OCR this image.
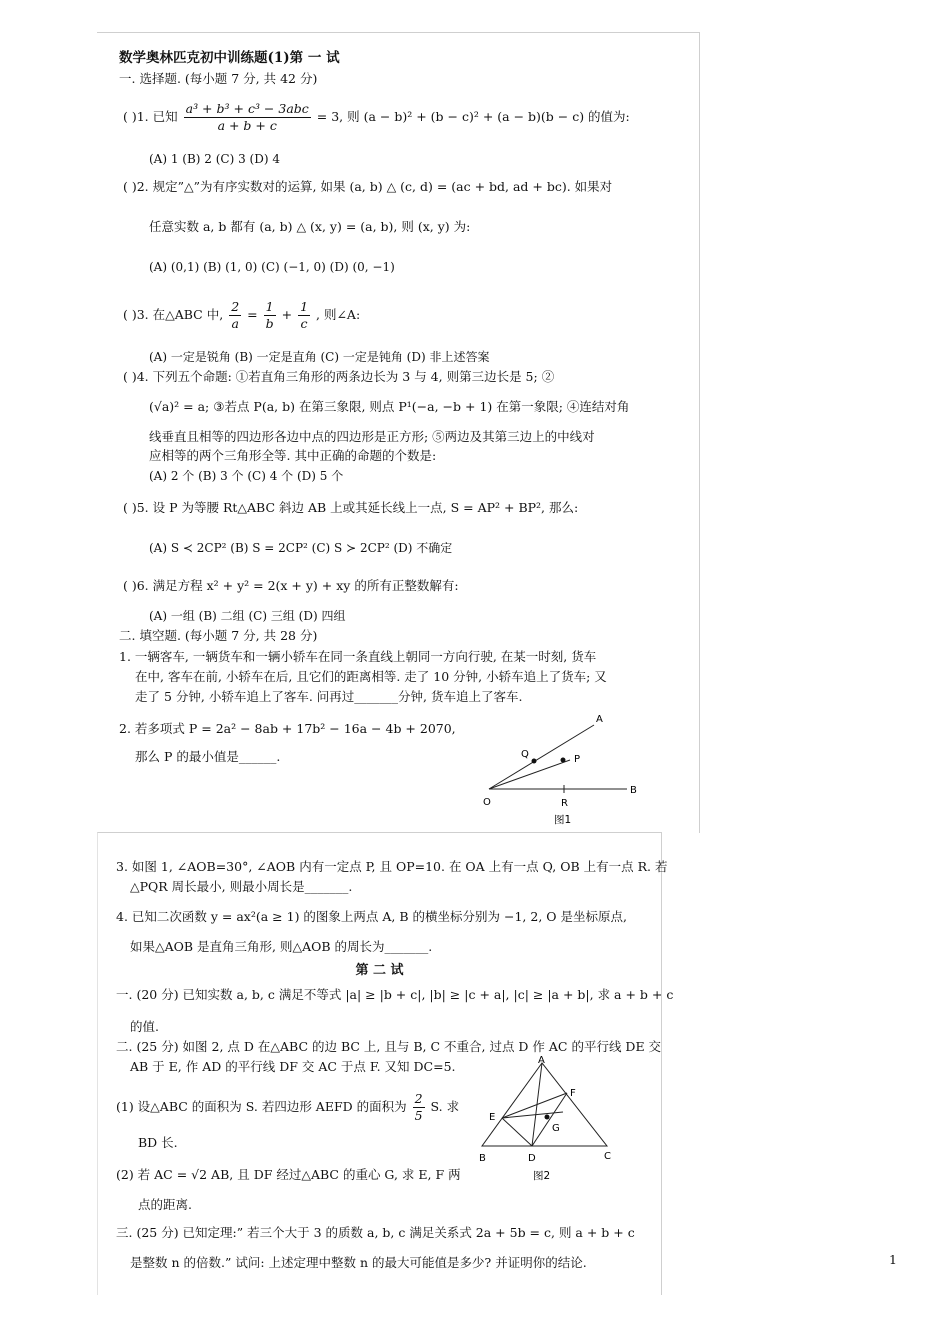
数学奥林匹克初中训练题(1)第 一 试
一. 选择题. (每小题 7 分, 共 42 分)
( )1. 已知 $\frac{\text{a³ + b³ + c³ − 3abc}}{a + b + c} = 3$, 则 (a − b)² + (b − c)² + (a − b)(b − c) 的值为:
(A) 1 (B) 2 (C) 3 (D) 4
( )2. 规定”△”为有序实数对的运算, 如果 (a, b) △ (c, d) = (ac + bd, ad + bc). 如果对
任意实数 a, b 都有 (a, b) △ (x, y) = (a, b), 则 (x, y) 为:
(A) (0,1) (B) (1, 0) (C) (−1, 0) (D) (0, −1)
( )3. 在△ABC 中, $\frac{2}{a} = \frac{1}{b} + \frac{1}{c}$ , 则∠A:
(A) 一定是锐角 (B) 一定是直角 (C) 一定是钝角 (D) 非上述答案
( )4. 下列五个命题: ①若直角三角形的两条边长为 3 与 4, 则第三边长是 5; ②
(√a)² = a; ③若点 P(a, b) 在第三象限, 则点 P¹(−a, −b + 1) 在第一象限; ④连结对角
线垂直且相等的四边形各边中点的四边形是正方形; ⑤两边及其第三边上的中线对
应相等的两个三角形全等. 其中正确的命题的个数是:
(A) 2 个 (B) 3 个 (C) 4 个 (D) 5 个
( )5. 设 P 为等腰 Rt△ABC 斜边 AB 上或其延长线上一点, S = AP² + BP², 那么:
(A) S ≺ 2CP² (B) S = 2CP² (C) S ≻ 2CP² (D) 不确定
( )6. 满足方程 x² + y² = 2(x + y) + xy 的所有正整数解有:
(A) 一组 (B) 二组 (C) 三组 (D) 四组
二. 填空题. (每小题 7 分, 共 28 分)
1. 一辆客车, 一辆货车和一辆小轿车在同一条直线上朝同一方向行驶, 在某一时刻, 货车
在中, 客车在前, 小轿车在后, 且它们的距离相等. 走了 10 分钟, 小轿车追上了货车; 又
走了 5 分钟, 小轿车追上了客车. 问再过_______分钟, 货车追上了客车.
2. 若多项式 P = 2a² − 8ab + 17b² − 16a − 4b + 2070,
那么 P 的最小值是______.
A
Q	P
O	R
B
图1
3. 如图 1, ∠AOB=30°, ∠AOB 内有一定点 P, 且 OP=10. 在 OA 上有一点 Q, OB 上有一点 R. 若
△PQR 周长最小, 则最小周长是_______.
4. 已知二次函数 y = ax²(a ≥ 1) 的图象上两点 A, B 的横坐标分别为 −1, 2, O 是坐标原点,
如果△AOB 是直角三角形, 则△AOB 的周长为_______.
第 二 试
一. (20 分) 已知实数 a, b, c 满足不等式 |a| ≥ |b + c|, |b| ≥ |c + a|, |c| ≥ |a + b|, 求 a + b + c
的值.
二. (25 分) 如图 2, 点 D 在△ABC 的边 BC 上, 且与 B, C 不重合, 过点 D 作 AC 的平行线 DE 交
AB 于 E, 作 AD 的平行线 DF 交 AC 于点 F. 又知 DC=5.
(1) 设△ABC 的面积为 S. 若四边形 AEFD 的面积为 $\frac{2}{5} S$. 求
BD 长.
(2) 若 AC = √2 AB, 且 DF 经过△ABC 的重心 G, 求 E, F 两
点的距离.
三. (25 分) 已知定理:” 若三个大于 3 的质数 a, b, c 满足关系式 2a + 5b = c, 则 a + b + c
是整数 n 的倍数.” 试问: 上述定理中整数 n 的最大可能值是多少? 并证明你的结论.
A
F
E
G
B	D	C
图2
1
